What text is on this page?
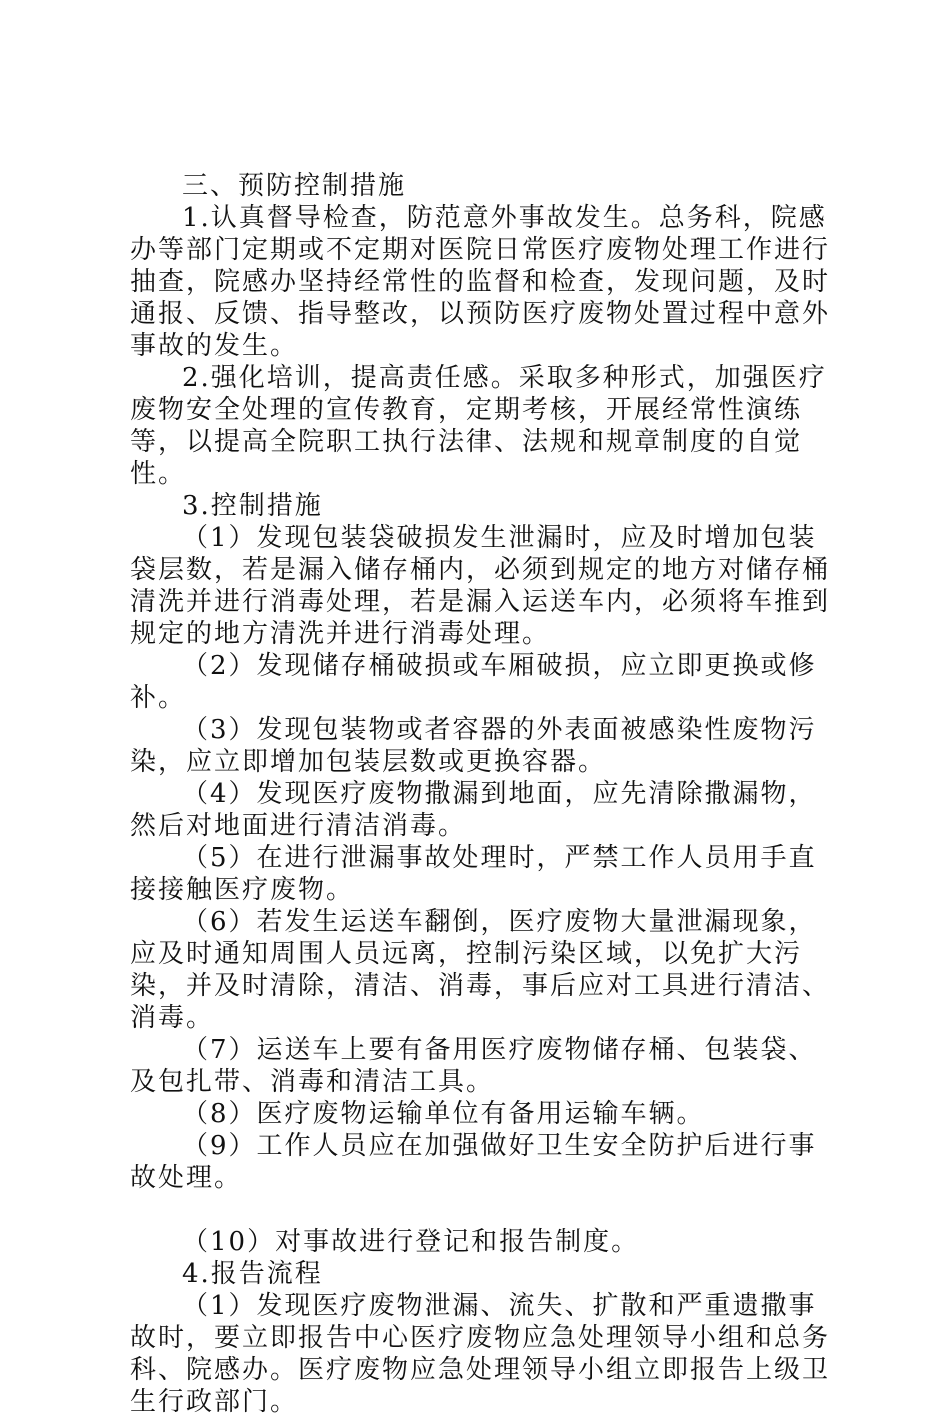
三、预防控制措施

1.认真督导检查，防范意外事故发生。总务科，院感办等部门定期或不定期对医院日常医疗废物处理工作进行抽查，院感办坚持经常性的监督和检查，发现问题，及时通报、反馈、指导整改，以预防医疗废物处置过程中意外事故的发生。

2.强化培训，提高责任感。采取多种形式，加强医疗废物安全处理的宣传教育，定期考核，开展经常性演练等，以提高全院职工执行法律、法规和规章制度的自觉性。

3.控制措施

（1）发现包装袋破损发生泄漏时，应及时增加包装袋层数，若是漏入储存桶内，必须到规定的地方对储存桶清洗并进行消毒处理，若是漏入运送车内，必须将车推到规定的地方清洗并进行消毒处理。

（2）发现储存桶破损或车厢破损，应立即更换或修补。

（3）发现包装物或者容器的外表面被感染性废物污染，应立即增加包装层数或更换容器。

（4）发现医疗废物撒漏到地面，应先清除撒漏物，然后对地面进行清洁消毒。

（5）在进行泄漏事故处理时，严禁工作人员用手直接接触医疗废物。

（6）若发生运送车翻倒，医疗废物大量泄漏现象，应及时通知周围人员远离，控制污染区域，以免扩大污染，并及时清除，清洁、消毒，事后应对工具进行清洁、消毒。

（7）运送车上要有备用医疗废物储存桶、包装袋、及包扎带、消毒和清洁工具。

（8）医疗废物运输单位有备用运输车辆。

（9）工作人员应在加强做好卫生安全防护后进行事故处理。

（10）对事故进行登记和报告制度。

4.报告流程

（1）发现医疗废物泄漏、流失、扩散和严重遗撒事故时，要立即报告中心医疗废物应急处理领导小组和总务科、院感办。医疗废物应急处理领导小组立即报告上级卫生行政部门。
